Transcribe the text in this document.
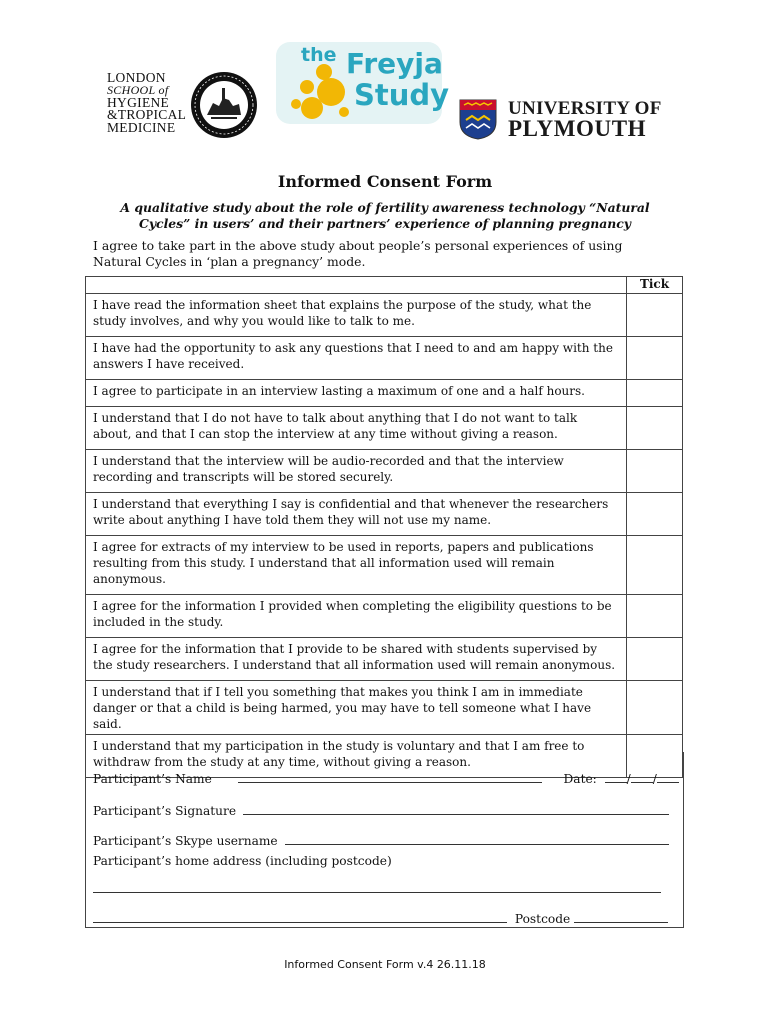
LONDON
SCHOOL of
HYGIENE
&TROPICAL
MEDICINE
the Freyja
Study	UNIVERSITY OF
PLYMOUTH
Informed Consent Form
A qualitative study about the role of fertility awareness technology “Natural Cycles” in users’ and their partners’ experience of planning pregnancy
I agree to take part in the above study about people’s personal experiences of using Natural Cycles in ‘plan a pregnancy’ mode.
	Tick
I have read the information sheet that explains the purpose of the study, what the study involves, and why you would like to talk to me.	
I have had the opportunity to ask any questions that I need to and am happy with the answers I have received.	
I agree to participate in an interview lasting a maximum of one and a half hours.	
I understand that I do not have to talk about anything that I do not want to talk about, and that I can stop the interview at any time without giving a reason.	
I understand that the interview will be audio-recorded and that the interview recording and transcripts will be stored securely.	
I understand that everything I say is confidential and that whenever the researchers write about anything I have told them they will not use my name.	
I agree for extracts of my interview to be used in reports, papers and publications resulting from this study. I understand that all information used will remain anonymous.	
I agree for the information I provided when completing the eligibility questions to be included in the study.	
I agree for the information that I provide to be shared with students supervised by the study researchers. I understand that all information used will remain anonymous.	
I understand that if I tell you something that makes you think I am in immediate danger or that a child is being harmed, you may have to tell someone what I have said.	
I understand that my participation in the study is voluntary and that I am free to withdraw from the study at any time, without giving a reason.	
Participant’s Name	Date: / /
Participant’s Signature
Participant’s Skype username
Participant’s home address (including postcode)
Postcode
Informed Consent Form v.4 26.11.18
